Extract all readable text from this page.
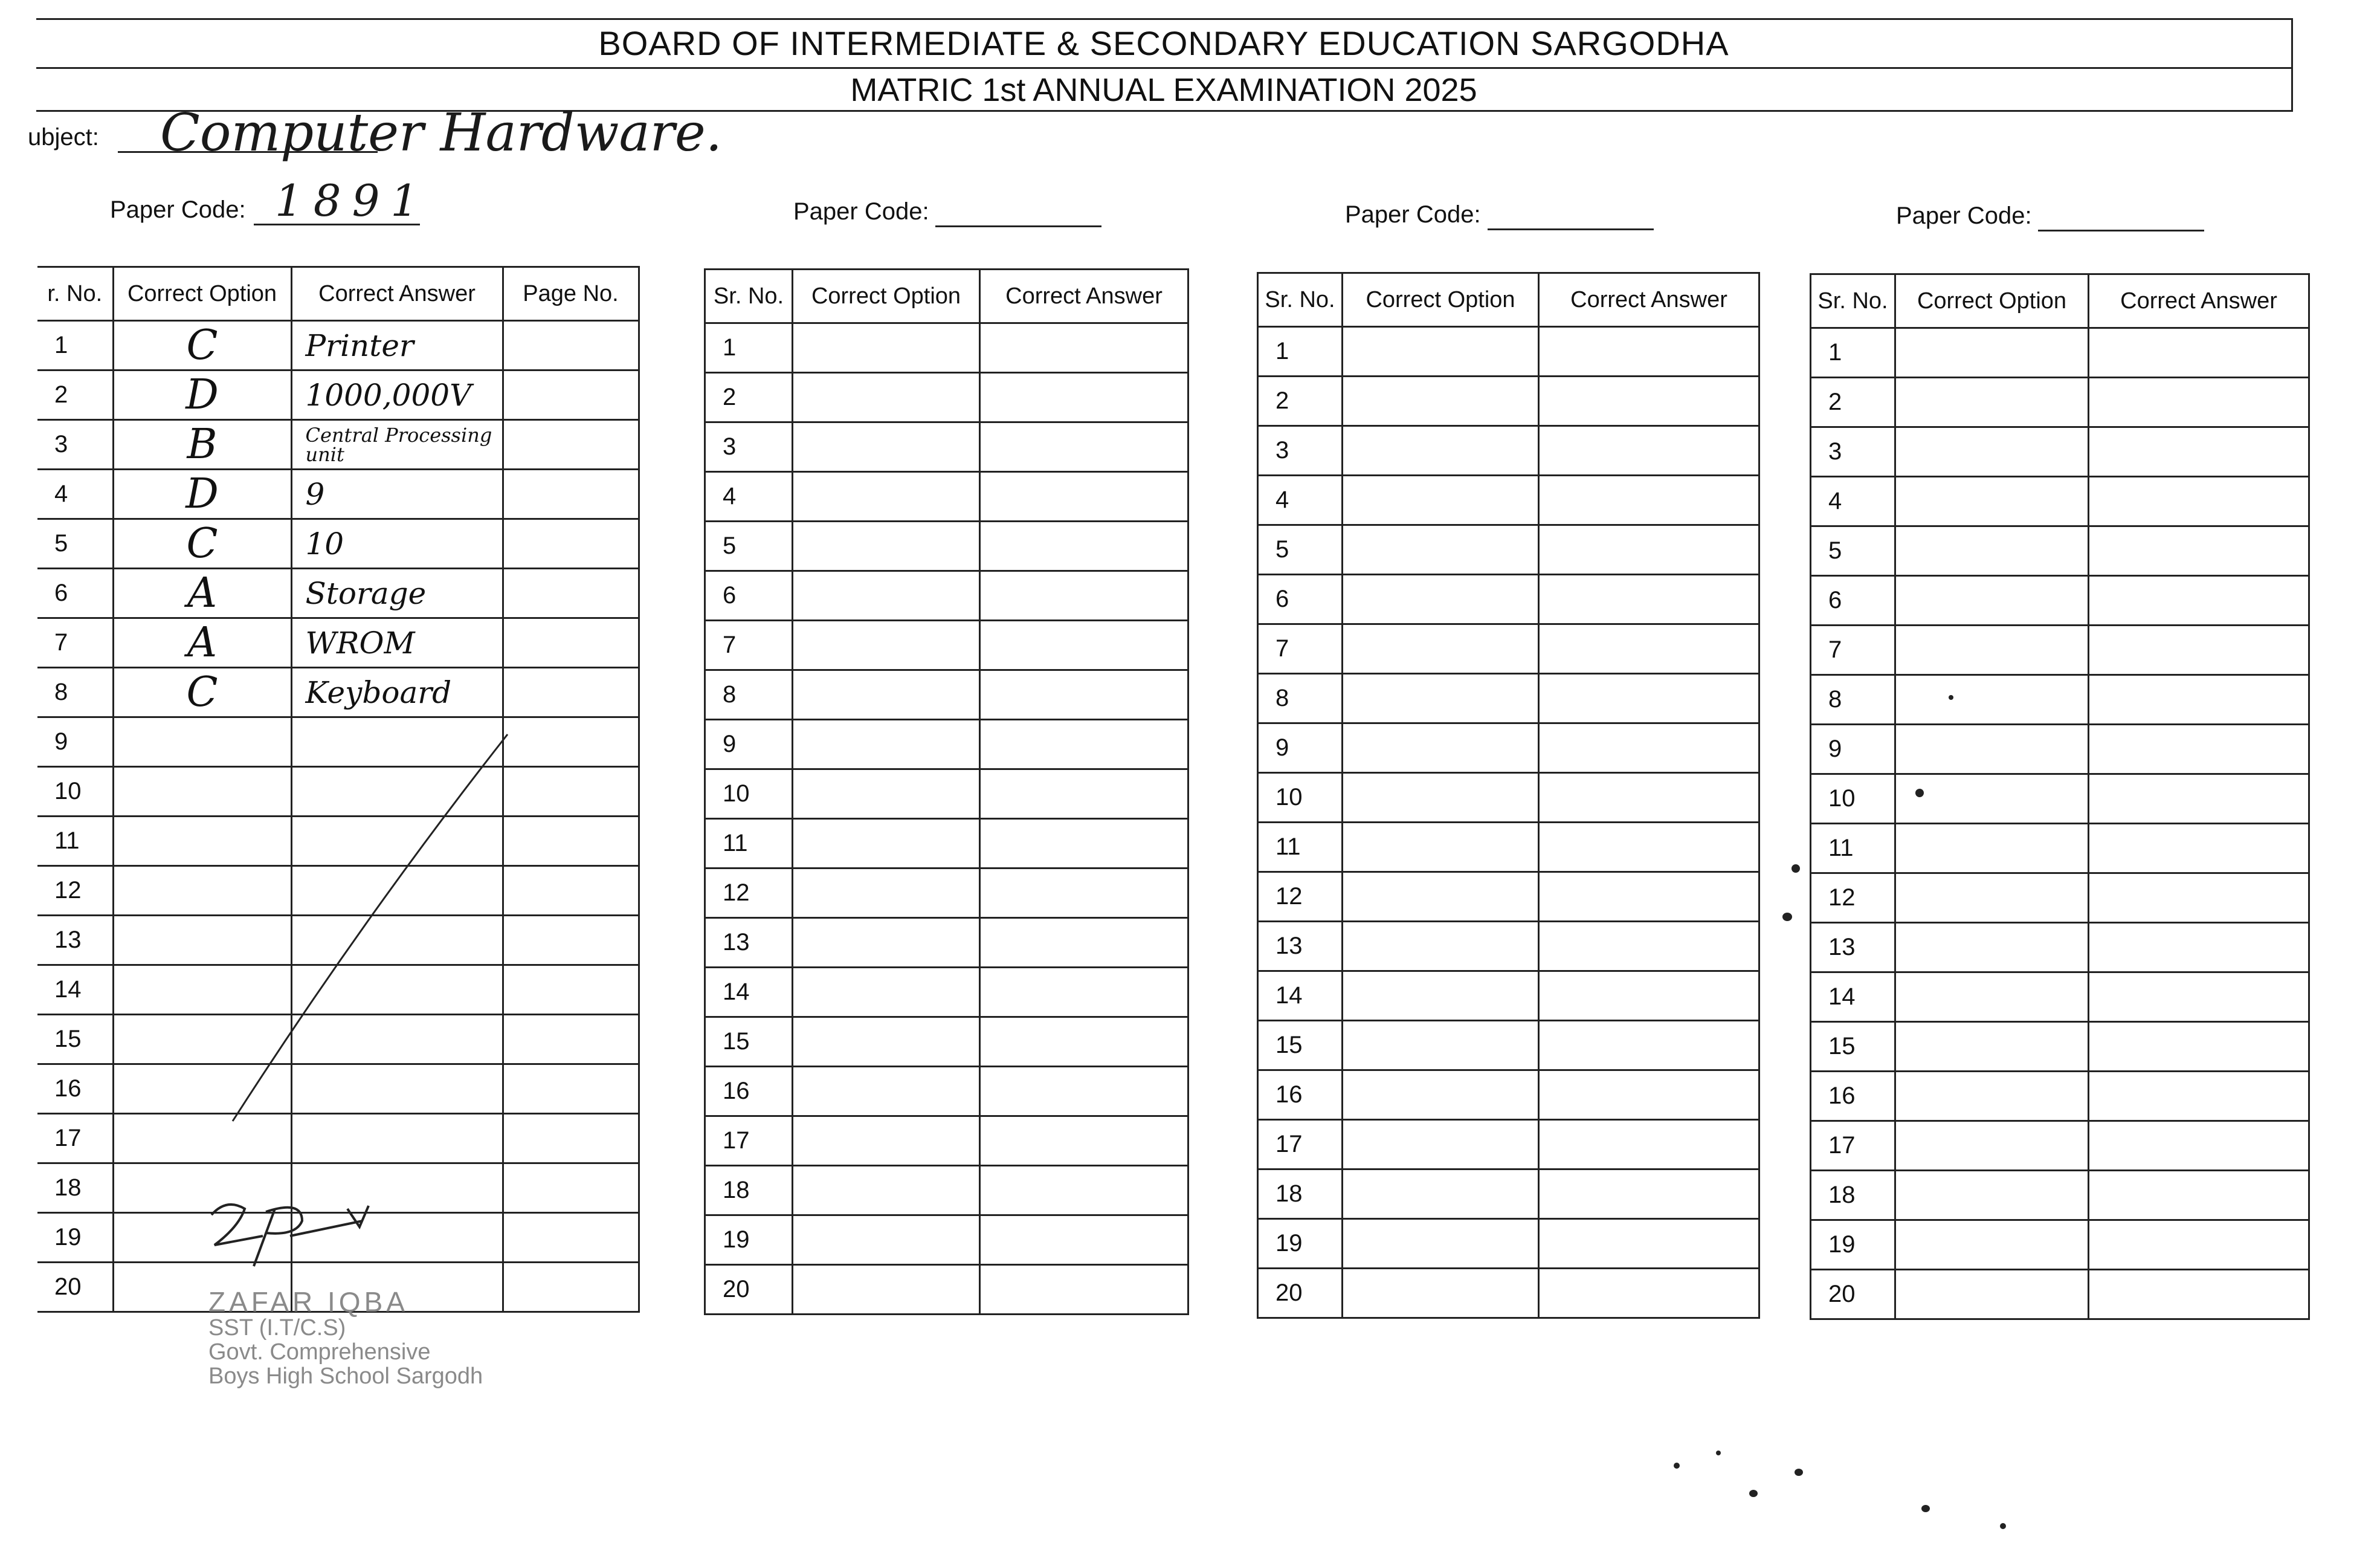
BOARD OF INTERMEDIATE & SECONDARY EDUCATION SARGODHA
MATRIC 1st ANNUAL EXAMINATION 2025
ubject: Computer Hardware.
Paper Code: 1891	Paper Code:	Paper Code:	Paper Code:
r. No.	Correct Option	Correct Answer	Page No.
1	C	Printer	
2	D	1000,000V	
3	B	Central Processing unit	
4	D	9	
5	C	10	
6	A	Storage	
7	A	WROM	
8	C	Keyboard	
9			
10			
11			
12			
13			
14			
15			
16			
17			
18			
19			
20			
Sr. No.	Correct Option	Correct Answer
1		
2		
3		
4		
5		
6		
7		
8		
9		
10		
11		
12		
13		
14		
15		
16		
17		
18		
19		
20		
Sr. No.	Correct Option	Correct Answer
1		
2		
3		
4		
5		
6		
7		
8		
9		
10		
11		
12		
13		
14		
15		
16		
17		
18		
19		
20		
Sr. No.	Correct Option	Correct Answer
1		
2		
3		
4		
5		
6		
7		
8		
9		
10		
11		
12		
13		
14		
15		
16		
17		
18		
19		
20		
ZAFAR IQBA
SST (I.T/C.S)
Govt. Comprehensive
Boys High School Sargodh
